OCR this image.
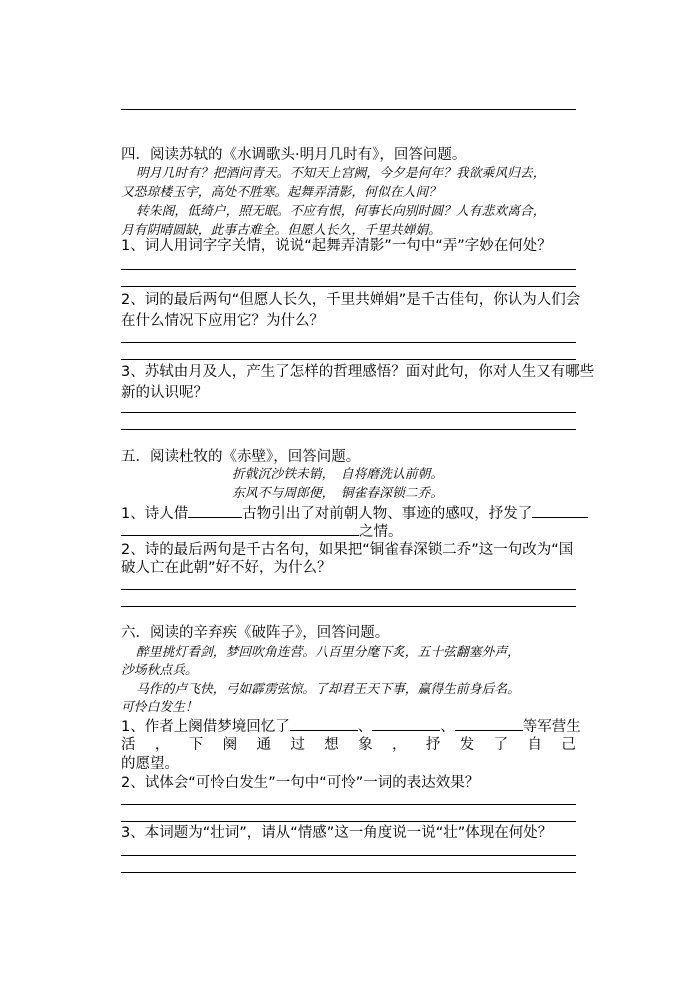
四．阅读苏轼的《水调歌头·明月几时有》，回答问题。
明月几时有？把酒问青天。不知天上宫阙，今夕是何年？我欲乘风归去，
又恐琼楼玉宇，高处不胜寒。起舞弄清影，何似在人间？
转朱阁，低绮户，照无眠。不应有恨，何事长向别时圆？人有悲欢离合，
月有阴晴圆缺，此事古难全。但愿人长久，千里共婵娟。
1、词人用词字字关情，说说“起舞弄清影”一句中“弄”字妙在何处？
2、词的最后两句“但愿人长久，千里共婵娟”是千古佳句，你认为人们会
在什么情况下应用它？为什么？
3、苏轼由月及人，产生了怎样的哲理感悟？面对此句，你对人生又有哪些
新的认识呢？
五．阅读杜牧的《赤壁》，回答问题。
折戟沉沙铁未销，　自将磨洗认前朝。
东风不与周郎便，　铜雀春深锁二乔。
1、诗人借	古物引出了对前朝人物、事迹的感叹，抒发了
之情。
2、诗的最后两句是千古名句，如果把“铜雀春深锁二乔”这一句改为“国
破人亡在此朝”好不好，为什么？
六．阅读的辛弃疾《破阵子》，回答问题。
醉里挑灯看剑，梦回吹角连营。八百里分麾下炙，五十弦翻塞外声，
沙场秋点兵。
马作的卢飞快，弓如霹雳弦惊。了却君王天下事，赢得生前身后名。
可怜白发生！
1、作者上阕借梦境回忆了	、	、	等军营生
活 ， 下 阕 通 过 想 象 ， 抒 发 了 自 己
的愿望。
2、试体会“可怜白发生”一句中“可怜”一词的表达效果？
3、本词题为“壮词”，请从“情感”这一角度说一说“壮”体现在何处？
